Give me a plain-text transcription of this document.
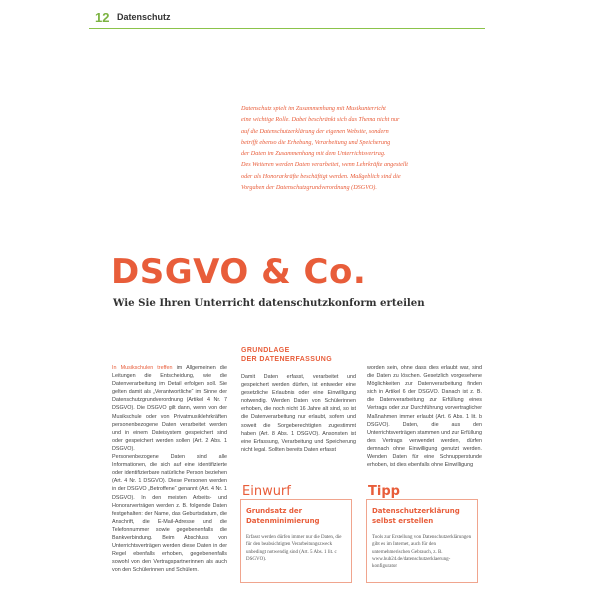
12 Datenschutz

Datenschutz spielt im Zusammenhang mit Musikunterricht

eine wichtige Rolle. Dabei beschränkt sich das Thema nicht nur

auf die Datenschutzerklärung der eigenen Website, sondern

betrifft ebenso die Erhebung, Verarbeitung und Speicherung

der Daten im Zusammenhang mit dem Unterrichtsvertrag.

Des Weiteren werden Daten verarbeitet, wenn Lehrkräfte angestellt

oder als Honorarkräfte beschäftigt werden. Maßgeblich sind die

Vorgaben der Datenschutzgrundverordnung (DSGVO).

DSGVO & Co.
Wie Sie Ihren Unterricht datenschutzkonform erteilen

In Musikschulen treffen im Allgemeinen die Leitungen die Entscheidung, wie die Datenverarbeitung im Detail erfolgen soll. Sie gelten damit als „Verantwortliche“ im Sinne der Datenschutzgrundverordnung (Artikel 4 Nr. 7 DSGVO). Die DSGVO gilt dann, wenn von der Musikschule oder von Privatmusiklehrkräften personenbezogene Daten verarbeitet werden und in einem Dateisystem gespeichert sind oder gespeichert werden sollen (Art. 2 Abs. 1 DSGVO).

Personenbezogene Daten sind alle Informationen, die sich auf eine identifizierte oder identifizierbare natürliche Person beziehen (Art. 4 Nr. 1 DSGVO). Diese Personen werden in der DSGVO „Betroffene“ genannt (Art. 4 Nr. 1 DSGVO). In den meisten Arbeits- und Honorarverträgen werden z. B. folgende Daten festgehalten: der Name, das Geburtsdatum, die Anschrift, die E-Mail-Adresse und die Telefonnummer sowie gegebenenfalls die Bankverbindung. Beim Abschluss von Unterrichtsverträgen werden diese Daten in der Regel ebenfalls erhoben, gegebenenfalls sowohl von den Vertragspartnerinnen als auch von den Schülerinnen und Schülern.

GRUNDLAGE
DER DATENERFASSUNG

Damit Daten erfasst, verarbeitet und gespeichert werden dürfen, ist entweder eine gesetzliche Erlaubnis oder eine Einwilligung notwendig. Werden Daten von Schülerinnen erhoben, die noch nicht 16 Jahre alt sind, so ist die Datenverarbeitung nur erlaubt, sofern und soweit die Sorgeberechtigten zugestimmt haben (Art. 8 Abs. 1 DSGVO). Ansonsten ist eine Erfassung, Verarbeitung und Speicherung nicht legal. Sollten bereits Daten erfasst

worden sein, ohne dass dies erlaubt war, sind die Daten zu löschen. Gesetzlich vorgesehene Möglichkeiten zur Datenverarbeitung finden sich in Artikel 6 der DSGVO. Danach ist z. B. die Datenverarbeitung zur Erfüllung eines Vertrags oder zur Durchführung vorvertraglicher Maßnahmen immer erlaubt (Art. 6 Abs. 1 lit. b DSGVO). Daten, die aus den Unterrichtsverträgen stammen und zur Erfüllung des Vertrags verwendet werden, dürfen demnach ohne Einwilligung genutzt werden. Wenden Daten für eine Schnupperstunde erhoben, ist dies ebenfalls ohne Einwilligung

Einwurf
Grundsatz der
Datenminimierung
Erfasst werden dürfen immer nur die Daten, die für den beabsichtigten Verarbeitungszweck unbedingt notwendig sind (Art. 5 Abs. 1 lit. c DSGVO).
Tipp
Datenschutzerklärung
selbst erstellen
Tools zur Erstellung von Datenschutzerklärungen gibt es im Internet, auch für den unternehmerischen Gebrauch, z. B. www.hub24.de/datenschutzerklaerung-konfigurator
